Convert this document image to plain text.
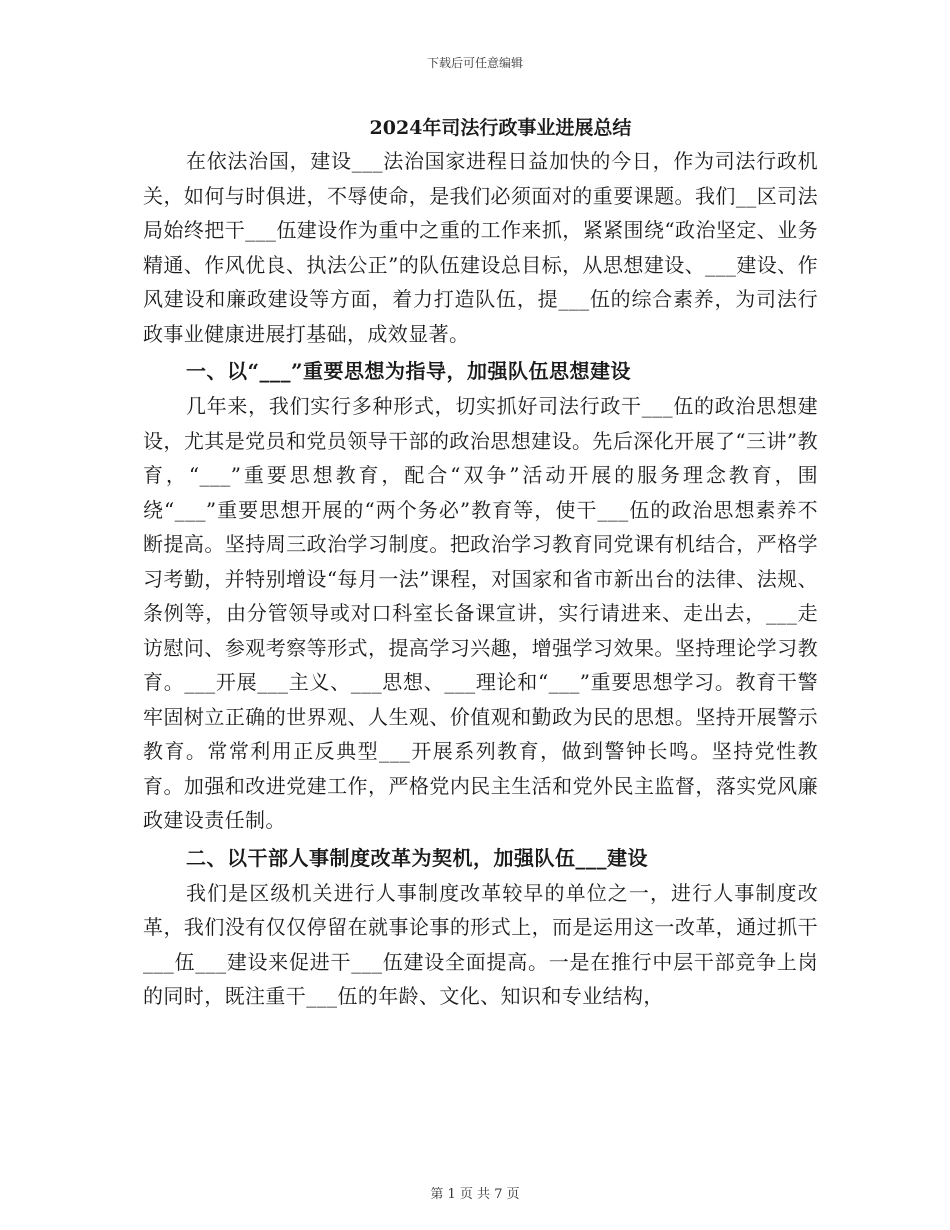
下载后可任意编辑
2024年司法行政事业进展总结

在依法治国，建设___法治国家进程日益加快的今日，作为司法行政机关，如何与时俱进，不辱使命，是我们必须面对的重要课题。我们__区司法局始终把干___伍建设作为重中之重的工作来抓，紧紧围绕“政治坚定、业务精通、作风优良、执法公正”的队伍建设总目标，从思想建设、___建设、作风建设和廉政建设等方面，着力打造队伍，提___伍的综合素养，为司法行政事业健康进展打基础，成效显著。

一、以“___”重要思想为指导，加强队伍思想建设

几年来，我们实行多种形式，切实抓好司法行政干___伍的政治思想建设，尤其是党员和党员领导干部的政治思想建设。先后深化开展了“三讲”教育，“___”重要思想教育，配合“双争”活动开展的服务理念教育，围绕“___”重要思想开展的“两个务必”教育等，使干___伍的政治思想素养不断提高。坚持周三政治学习制度。把政治学习教育同党课有机结合，严格学习考勤，并特别增设“每月一法”课程，对国家和省市新出台的法律、法规、条例等，由分管领导或对口科室长备课宣讲，实行请进来、走出去，___走访慰问、参观考察等形式，提高学习兴趣，增强学习效果。坚持理论学习教育。___开展___主义、___思想、___理论和“___”重要思想学习。教育干警牢固树立正确的世界观、人生观、价值观和勤政为民的思想。坚持开展警示教育。常常利用正反典型___开展系列教育，做到警钟长鸣。坚持党性教育。加强和改进党建工作，严格党内民主生活和党外民主监督，落实党风廉政建设责任制。

二、以干部人事制度改革为契机，加强队伍___建设

我们是区级机关进行人事制度改革较早的单位之一，进行人事制度改革，我们没有仅仅停留在就事论事的形式上，而是运用这一改革，通过抓干___伍___建设来促进干___伍建设全面提高。一是在推行中层干部竞争上岗的同时，既注重干___伍的年龄、文化、知识和专业结构，

第 1 页 共 7 页
